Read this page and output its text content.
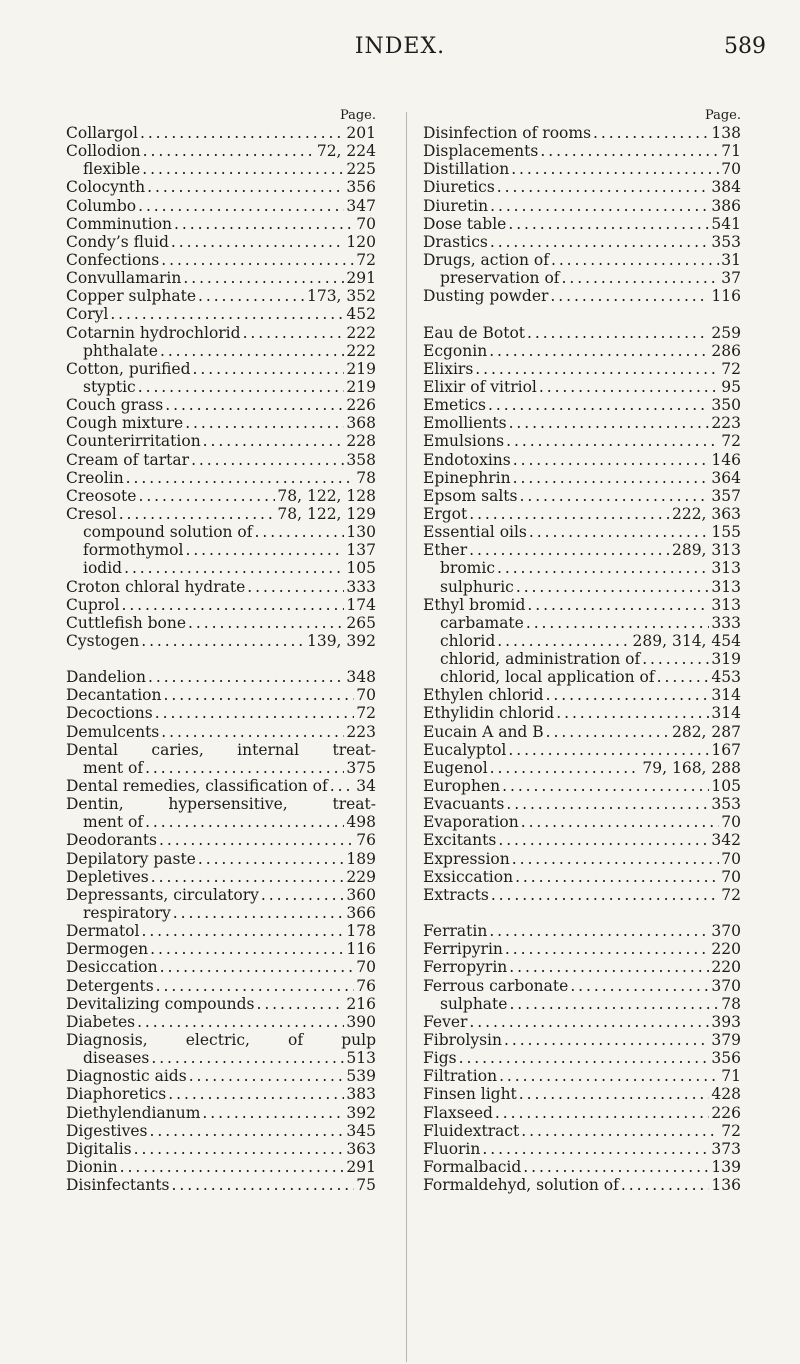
INDEX.	589
Page.
Collargol . . .	201
Collodion . . .	72, 224
flexible . . .	225
Colocynth . . .	356
Columbo . . .	347
Comminution . . .	70
Condy’s fluid . . .	120
Confections . . .	72
Convullamarin . . .	291
Copper sulphate . . .	173, 352
Coryl . . .	452
Cotarnin hydrochlorid . . .	222
phthalate . . .	222
Cotton, purified . . .	219
styptic . . .	219
Couch grass . . .	226
Cough mixture . . .	368
Counterirritation . . .	228
Cream of tartar . . .	358
Creolin . . .	78
Creosote . . .	78, 122, 128
Cresol . . .	78, 122, 129
compound solution of . . .	130
formothymol . . .	137
iodid . . .	105
Croton chloral hydrate . . .	333
Cuprol . . .	174
Cuttlefish bone . . .	265
Cystogen . . .	139, 392
Dandelion . . .	348
Decantation . . .	70
Decoctions . . .	72
Demulcents . . .	223
Dental caries, internal treat-
ment of . . .	375
Dental remedies, classification of . . . 34
Dentin, hypersensitive, treat-
ment of . . .	498
Deodorants . . .	76
Depilatory paste . . .	189
Depletives . . .	229
Depressants, circulatory . . .	360
respiratory . . .	366
Dermatol . . .	178
Dermogen . . .	116
Desiccation . . .	70
Detergents . . .	76
Devitalizing compounds . . .	216
Diabetes . . .	390
Diagnosis, electric, of pulp
diseases . . .	513
Diagnostic aids . . .	539
Diaphoretics . . .	383
Diethylendianum . . .	392
Digestives . . .	345
Digitalis . . .	363
Dionin . . .	291
Disinfectants . . .	75
Page.
Disinfection of rooms . . .	138
Displacements . . .	71
Distillation . . .	70
Diuretics . . .	384
Diuretin . . .	386
Dose table . . .	541
Drastics . . .	353
Drugs, action of . . .	31
preservation of . . .	37
Dusting powder . . .	116
Eau de Botot . . .	259
Ecgonin . . .	286
Elixirs . . .	72
Elixir of vitriol . . .	95
Emetics . . .	350
Emollients . . .	223
Emulsions . . .	72
Endotoxins . . .	146
Epinephrin . . .	364
Epsom salts . . .	357
Ergot . . .	222, 363
Essential oils . . .	155
Ether . . .	289, 313
bromic . . .	313
sulphuric . . .	313
Ethyl bromid . . .	313
carbamate . . .	333
chlorid . . .	289, 314, 454
chlorid, administration of . . .	319
chlorid, local application of . . .	453
Ethylen chlorid . . .	314
Ethylidin chlorid . . .	314
Eucain A and B . . .	282, 287
Eucalyptol . . .	167
Eugenol . . .	79, 168, 288
Europhen . . .	105
Evacuants . . .	353
Evaporation . . .	70
Excitants . . .	342
Expression . . .	70
Exsiccation . . .	70
Extracts . . .	72
Ferratin . . .	370
Ferripyrin . . .	220
Ferropyrin . . .	220
Ferrous carbonate . . .	370
sulphate . . .	78
Fever . . .	393
Fibrolysin . . .	379
Figs . . .	356
Filtration . . .	71
Finsen light . . .	428
Flaxseed . . .	226
Fluidextract . . .	72
Fluorin . . .	373
Formalbacid . . .	139
Formaldehyd, solution of . . .	136
